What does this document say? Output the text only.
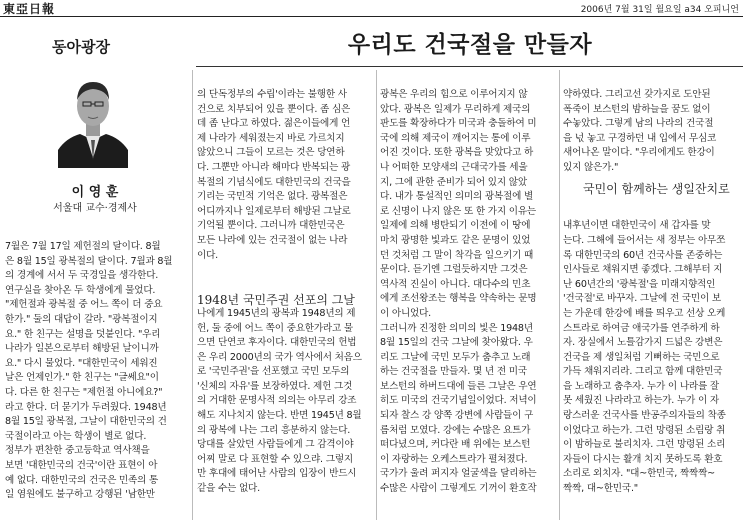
東亞日報	2006년 7월 31일 월요일 a34 오피니언
동아광장	우리도 건국절을 만들자
이 영 훈
서울대 교수·경제사
7월은 7월 17일 제헌절의 달이다. 8월
은 8월 15일 광복절의 달이다. 7월과 8월
의 경계에 서서 두 국경일을 생각한다.
연구실을 찾아온 두 학생에게 물었다.
"제헌절과 광복절 중 어느 쪽이 더 중요
한가." 둘의 대답이 갈라. "광복절이지
요." 한 친구는 설명을 덧붙인다. "우리
나라가 일본으로부터 해방된 날이니까
요." 다시 물었다. "대한민국이 세워진
날은 언제인가." 한 친구는 "글쎄요"이
다. 다른 한 친구는 "제헌절 아니에요?"
라고 한다. 더 묻기가 두려웠다. 1948년
8월 15일 광복절, 그날이 대한민국의 건
국절이라고 아는 학생이 별로 없다.
정부가 편찬한 중고등학교 역사책을
보면 '대한민국의 건국'이란 표현이 아
예 없다. 대한민국의 건국은 민족의 통
일 염원에도 불구하고 강행된 '남한만
의 단독정부의 수립'이라는 불행한 사
건으로 치부되어 있을 뿐이다. 좀 심은
데 좀 난다고 하였다. 젊은이들에게 언
제 나라가 세워졌는지 바로 가르치지
않았으니 그들이 모르는 것은 당연하
다. 그뿐만 아니라 해마다 반복되는 광
복절의 기념식에도 대한민국의 건국을
기리는 국민적 기억은 없다. 광복절은
어디까지나 일제로부터 해방된 그날로
기억될 뿐이다. 그러니까 대한민국은
모든 나라에 있는 건국절이 없는 나라
이다.
나에게 1945년의 광복과 1948년의 제
헌, 둘 중에 어느 쪽이 중요한가라고 물
으면 단연코 후자이다. 대한민국의 헌법
은 우리 2000년의 국가 역사에서 처음으
로 '국민주권'을 선포했고 국민 모두의
'신체의 자유'를 보장하였다. 제헌 그것
의 거대한 문명사적 의의는 아무리 강조
해도 지나치지 않는다. 반면 1945년 8월
의 광복에 나는 그리 흥분하지 않는다.
당대를 살았던 사람들에게 그 감격이야
어찌 말로 다 표현할 수 있으랴. 그렇지
만 후대에 태어난 사람의 입장이 반드시
같을 수는 없다.
1948년 국민주권 선포의 그날
광복은 우리의 힘으로 이루어지지 않
았다. 광복은 일제가 무리하게 제국의
판도를 확장하다가 미국과 충돌하여 미
국에 의해 제국이 깨어지는 통에 이루
어진 것이다. 또한 광복을 맞았다고 하
나 어떠한 모양새의 근대국가를 세울
지, 그에 관한 준비가 되어 있지 않았
다. 내가 통설적인 의미의 광복절에 별
로 신명이 나지 않은 또 한 가지 이유는
일제에 의해 병탄되기 이전에 이 땅에
마치 광명한 빛과도 같은 문명이 있었
던 것처럼 그 말이 착각을 일으키기 때
문이다. 듣기엔 그럴듯하지만 그것은
역사적 진실이 아니다. 대다수의 민초
에게 조선왕조는 행복을 약속하는 문명
이 아니었다.
그러니까 진정한 의미의 빛은 1948년
8월 15일의 건국 그날에 찾아왔다. 우
리도 그날에 국민 모두가 춤추고 노래
하는 건국절을 만들자. 몇 년 전 미국
보스턴의 하버드대에 들른 그날은 우연
히도 미국의 건국기념일이었다. 저녁이
되자 찰스 강 양쪽 강변에 사람들이 구
름처럼 모였다. 강에는 수많은 요트가
떠다녔으며, 커다란 배 위에는 보스턴
이 자랑하는 오케스트라가 펼쳐졌다.
국가가 울려 퍼지자 얼굴색을 달리하는
수많은 사람이 그렇게도 기꺼이 환호작
약하였다. 그리고선 갖가지로 도안된
폭죽이 보스턴의 밤하늘을 꿈도 없이
수놓았다. 그렇게 남의 나라의 건국절
을 넋 놓고 구경하던 내 입에서 무심코
새어나온 말이다. "우리에게도 한강이
있지 않은가."
내후년이면 대한민국이 새 갑자를 맞
는다. 그해에 들어서는 새 정부는 아무쪼
록 대한민국의 60년 건국사를 존중하는
인사들로 채워지면 좋겠다. 그해부터 지
난 60년간의 '광복절'을 미래지향적인
'건국절'로 바꾸자. 그날에 전 국민이 보
는 가운데 한강에 배를 띄우고 선상 오케
스트라로 하여금 애국가를 연주하게 하
자. 장실에서 노틀감가지 드넓은 강변은
건국을 제 생일처럼 기뻐하는 국민으로
가득 채워지리라. 그리고 함께 대한민국
을 노래하고 춤추자. 누가 이 나라를 잘
못 세웠진 나라라고 하는가. 누가 이 자
랑스러운 건국사를 반공주의자들의 착종
이었다고 하는가. 그런 망령된 소림랑 취
이 밤하늘로 불리치자. 그런 망령된 소리
자들이 다시는 활개 치지 못하도록 환호
소리로 외치자. "대~한민국, 짝짝짝~
짝짝, 대~한민국."
국민이 함께하는 생일잔치로
